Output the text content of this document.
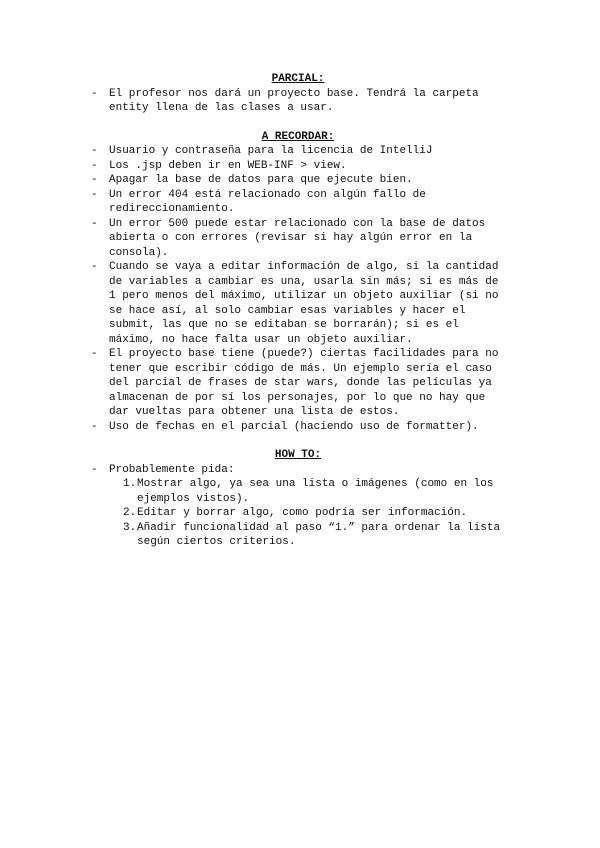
PARCIAL:

- El profesor nos dará un proyecto base. Tendrá la carpeta entity llena de las clases a usar.

A RECORDAR:

- Usuario y contraseña para la licencia de IntelliJ
- Los .jsp deben ir en WEB-INF > view.
- Apagar la base de datos para que ejecute bien.
- Un error 404 está relacionado con algún fallo de redireccionamiento.
- Un error 500 puede estar relacionado con la base de datos abierta o con errores (revisar si hay algún error en la consola).
- Cuando se vaya a editar información de algo, si la cantidad de variables a cambiar es una, usarla sin más; si es más de 1 pero menos del máximo, utilizar un objeto auxiliar (si no se hace así, al solo cambiar esas variables y hacer el submit, las que no se editaban se borrarán); si es el máximo, no hace falta usar un objeto auxiliar.
- El proyecto base tiene (puede?) ciertas facilidades para no tener que escribir código de más. Un ejemplo sería el caso del parcial de frases de star wars, donde las películas ya almacenan de por sí los personajes, por lo que no hay que dar vueltas para obtener una lista de estos.
- Uso de fechas en el parcial (haciendo uso de formatter).

HOW TO:

- Probablemente pida:
1. Mostrar algo, ya sea una lista o imágenes (como en los ejemplos vistos).
2. Editar y borrar algo, como podría ser información.
3. Añadir funcionalidad al paso “1.” para ordenar la lista según ciertos criterios.
